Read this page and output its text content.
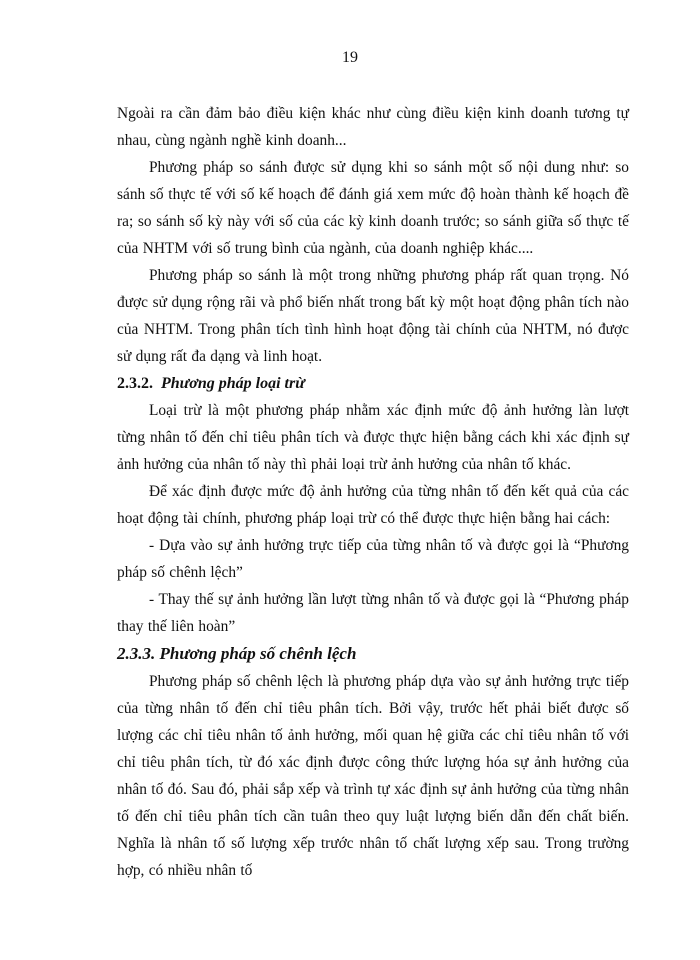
19

Ngoài ra cần đảm bảo điều kiện khác như cùng điều kiện kinh doanh tương tự nhau, cùng ngành nghề kinh doanh...

Phương pháp so sánh được sử dụng khi so sánh một số nội dung như: so sánh số thực tế với số kế hoạch để đánh giá xem mức độ hoàn thành kế hoạch đề ra; so sánh số kỳ này với số của các kỳ kinh doanh trước; so sánh giữa số thực tế của NHTM với số trung bình của ngành, của doanh nghiệp khác....

Phương pháp so sánh là một trong những phương pháp rất quan trọng. Nó được sử dụng rộng rãi và phổ biến nhất trong bất kỳ một hoạt động phân tích nào của NHTM. Trong phân tích tình hình hoạt động tài chính của NHTM, nó được sử dụng rất đa dạng và linh hoạt.

2.3.2. Phương pháp loại trừ

Loại trừ là một phương pháp nhằm xác định mức độ ảnh hưởng làn lượt từng nhân tố đến chỉ tiêu phân tích và được thực hiện bằng cách khi xác định sự ảnh hưởng của nhân tố này thì phải loại trừ ảnh hưởng của nhân tố khác.

Để xác định được mức độ ảnh hưởng của từng nhân tố đến kết quả của các hoạt động tài chính, phương pháp loại trừ có thể được thực hiện bằng hai cách:

- Dựa vào sự ảnh hưởng trực tiếp của từng nhân tố và được gọi là “Phương pháp số chênh lệch”

- Thay thế sự ảnh hưởng lần lượt từng nhân tố và được gọi là “Phương pháp thay thế liên hoàn”

2.3.3. Phương pháp số chênh lệch

Phương pháp số chênh lệch là phương pháp dựa vào sự ảnh hưởng trực tiếp của từng nhân tố đến chỉ tiêu phân tích. Bởi vậy, trước hết phải biết được số lượng các chỉ tiêu nhân tố ảnh hưởng, mối quan hệ giữa các chỉ tiêu nhân tố với chỉ tiêu phân tích, từ đó xác định được công thức lượng hóa sự ảnh hưởng của nhân tố đó. Sau đó, phải sắp xếp và trình tự xác định sự ảnh hưởng của từng nhân tố đến chỉ tiêu phân tích cần tuân theo quy luật lượng biến dẫn đến chất biến. Nghĩa là nhân tố số lượng xếp trước nhân tố chất lượng xếp sau. Trong trường hợp, có nhiều nhân tố
